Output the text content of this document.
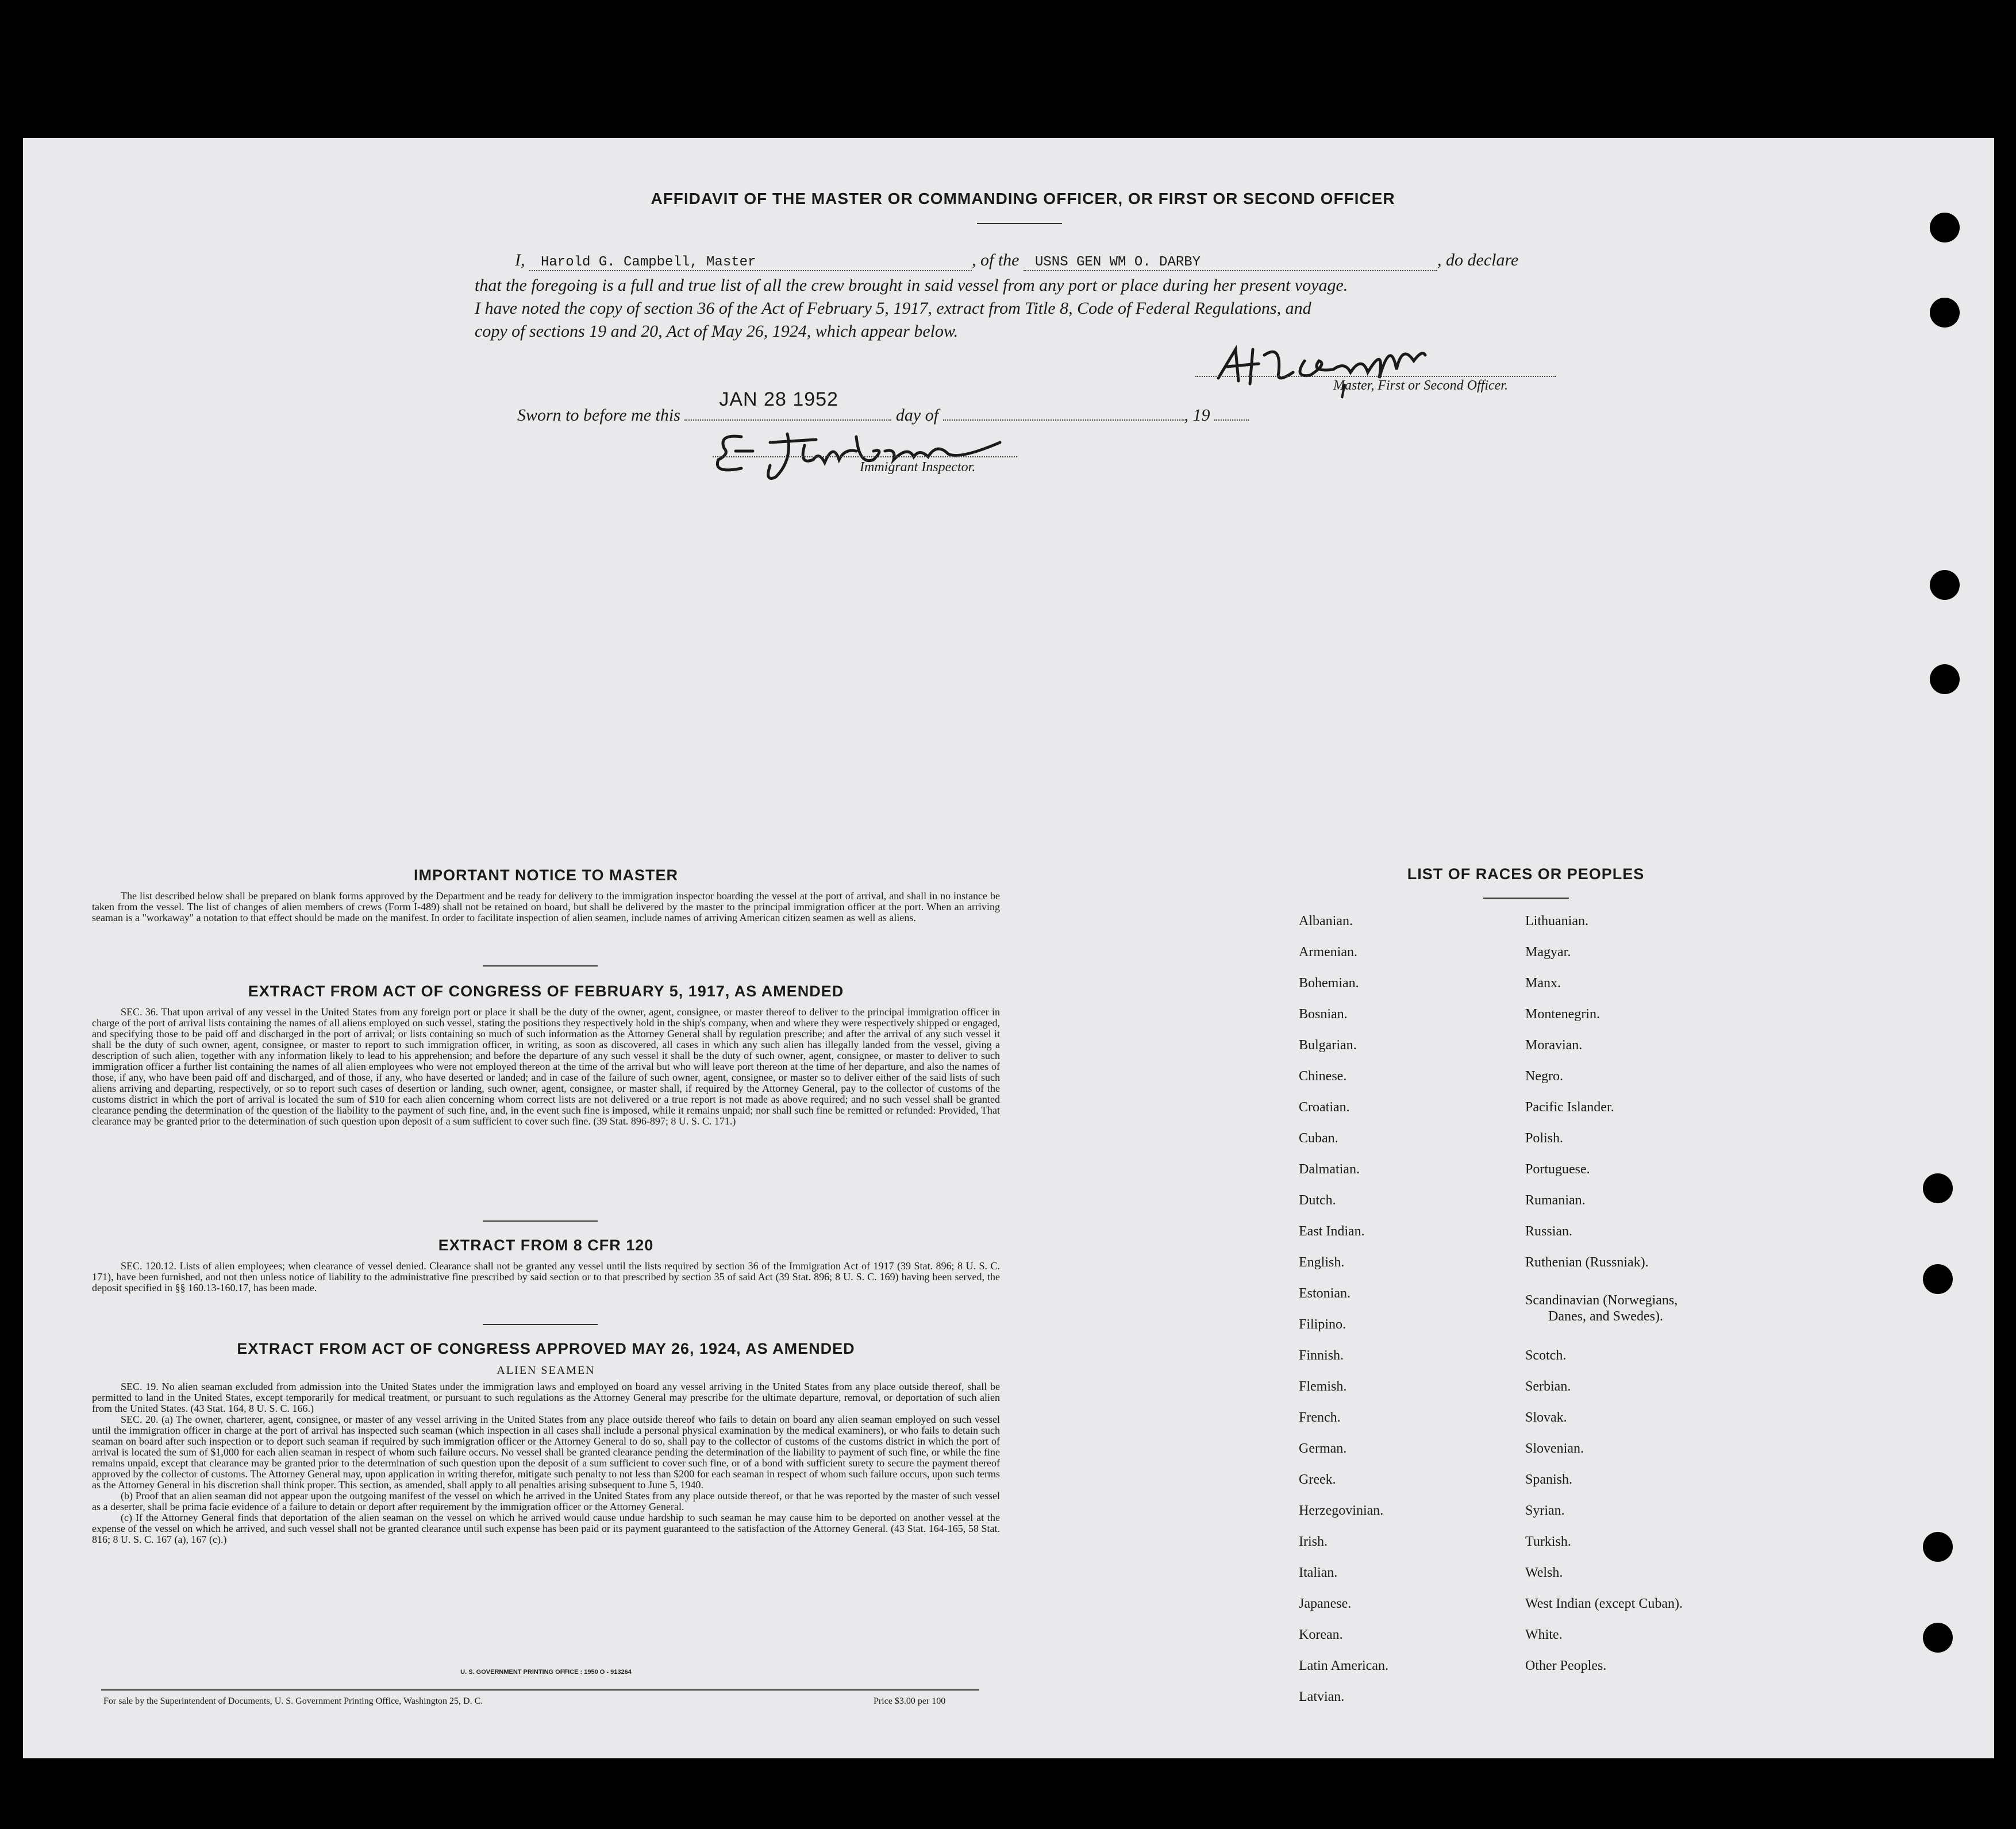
AFFIDAVIT OF THE MASTER OR COMMANDING OFFICER, OR FIRST OR SECOND OFFICER
I, Harold G. Campbell, Master	, of the USNS GEN WM O. DARBY	, do declare
that the foregoing is a full and true list of all the crew brought in said vessel from any port or place during her present voyage.
I have noted the copy of section 36 of the Act of February 5, 1917, extract from Title 8, Code of Federal Regulations, and
copy of sections 19 and 20, Act of May 26, 1924, which appear below.
Master, First or Second Officer.
Sworn to before me this
JAN 28 1952
day of	, 19
Immigrant Inspector.
IMPORTANT NOTICE TO MASTER
The list described below shall be prepared on blank forms approved by the Department and be ready for delivery to the immigration inspector boarding the vessel at the port of arrival, and shall in no instance be taken from the vessel. The list of changes of alien members of crews (Form I-489) shall not be retained on board, but shall be delivered by the master to the principal immigration officer at the port. When an arriving seaman is a "workaway" a notation to that effect should be made on the manifest. In order to facilitate inspection of alien seamen, include names of arriving American citizen seamen as well as aliens.
EXTRACT FROM ACT OF CONGRESS OF FEBRUARY 5, 1917, AS AMENDED
SEC. 36. That upon arrival of any vessel in the United States from any foreign port or place it shall be the duty of the owner, agent, consignee, or master thereof to deliver to the principal immigration officer in charge of the port of arrival lists containing the names of all aliens employed on such vessel, stating the positions they respectively hold in the ship's company, when and where they were respectively shipped or engaged, and specifying those to be paid off and discharged in the port of arrival; or lists containing so much of such information as the Attorney General shall by regulation prescribe; and after the arrival of any such vessel it shall be the duty of such owner, agent, consignee, or master to report to such immigration officer, in writing, as soon as discovered, all cases in which any such alien has illegally landed from the vessel, giving a description of such alien, together with any information likely to lead to his apprehension; and before the departure of any such vessel it shall be the duty of such owner, agent, consignee, or master to deliver to such immigration officer a further list containing the names of all alien employees who were not employed thereon at the time of the arrival but who will leave port thereon at the time of her departure, and also the names of those, if any, who have been paid off and discharged, and of those, if any, who have deserted or landed; and in case of the failure of such owner, agent, consignee, or master so to deliver either of the said lists of such aliens arriving and departing, respectively, or so to report such cases of desertion or landing, such owner, agent, consignee, or master shall, if required by the Attorney General, pay to the collector of customs of the customs district in which the port of arrival is located the sum of $10 for each alien concerning whom correct lists are not delivered or a true report is not made as above required; and no such vessel shall be granted clearance pending the determination of the question of the liability to the payment of such fine, and, in the event such fine is imposed, while it remains unpaid; nor shall such fine be remitted or refunded: Provided, That clearance may be granted prior to the determination of such question upon deposit of a sum sufficient to cover such fine. (39 Stat. 896-897; 8 U. S. C. 171.)
EXTRACT FROM 8 CFR 120
SEC. 120.12. Lists of alien employees; when clearance of vessel denied. Clearance shall not be granted any vessel until the lists required by section 36 of the Immigration Act of 1917 (39 Stat. 896; 8 U. S. C. 171), have been furnished, and not then unless notice of liability to the administrative fine prescribed by said section or to that prescribed by section 35 of said Act (39 Stat. 896; 8 U. S. C. 169) having been served, the deposit specified in §§ 160.13-160.17, has been made.
EXTRACT FROM ACT OF CONGRESS APPROVED MAY 26, 1924, AS AMENDED
ALIEN SEAMEN
SEC. 19. No alien seaman excluded from admission into the United States under the immigration laws and employed on board any vessel arriving in the United States from any place outside thereof, shall be permitted to land in the United States, except temporarily for medical treatment, or pursuant to such regulations as the Attorney General may prescribe for the ultimate departure, removal, or deportation of such alien from the United States. (43 Stat. 164, 8 U. S. C. 166.)
SEC. 20. (a) The owner, charterer, agent, consignee, or master of any vessel arriving in the United States from any place outside thereof who fails to detain on board any alien seaman employed on such vessel until the immigration officer in charge at the port of arrival has inspected such seaman (which inspection in all cases shall include a personal physical examination by the medical examiners), or who fails to detain such seaman on board after such inspection or to deport such seaman if required by such immigration officer or the Attorney General to do so, shall pay to the collector of customs of the customs district in which the port of arrival is located the sum of $1,000 for each alien seaman in respect of whom such failure occurs. No vessel shall be granted clearance pending the determination of the liability to payment of such fine, or while the fine remains unpaid, except that clearance may be granted prior to the determination of such question upon the deposit of a sum sufficient to cover such fine, or of a bond with sufficient surety to secure the payment thereof approved by the collector of customs. The Attorney General may, upon application in writing therefor, mitigate such penalty to not less than $200 for each seaman in respect of whom such failure occurs, upon such terms as the Attorney General in his discretion shall think proper. This section, as amended, shall apply to all penalties arising subsequent to June 5, 1940.
(b) Proof that an alien seaman did not appear upon the outgoing manifest of the vessel on which he arrived in the United States from any place outside thereof, or that he was reported by the master of such vessel as a deserter, shall be prima facie evidence of a failure to detain or deport after requirement by the immigration officer or the Attorney General.
(c) If the Attorney General finds that deportation of the alien seaman on the vessel on which he arrived would cause undue hardship to such seaman he may cause him to be deported on another vessel at the expense of the vessel on which he arrived, and such vessel shall not be granted clearance until such expense has been paid or its payment guaranteed to the satisfaction of the Attorney General. (43 Stat. 164-165, 58 Stat. 816; 8 U. S. C. 167 (a), 167 (c).)
U. S. GOVERNMENT PRINTING OFFICE : 1950 O - 913264
For sale by the Superintendent of Documents, U. S. Government Printing Office, Washington 25, D. C.	Price $3.00 per 100
LIST OF RACES OR PEOPLES
Albanian.
Armenian.
Bohemian.
Bosnian.
Bulgarian.
Chinese.
Croatian.
Cuban.
Dalmatian.
Dutch.
East Indian.
English.
Estonian.
Filipino.
Finnish.
Flemish.
French.
German.
Greek.
Herzegovinian.
Irish.
Italian.
Japanese.
Korean.
Latin American.
Latvian.
Lithuanian.
Magyar.
Manx.
Montenegrin.
Moravian.
Negro.
Pacific Islander.
Polish.
Portuguese.
Rumanian.
Russian.
Ruthenian (Russniak).
Scandinavian (Norwegians,
Danes, and Swedes).
Scotch.
Serbian.
Slovak.
Slovenian.
Spanish.
Syrian.
Turkish.
Welsh.
West Indian (except Cuban).
White.
Other Peoples.
